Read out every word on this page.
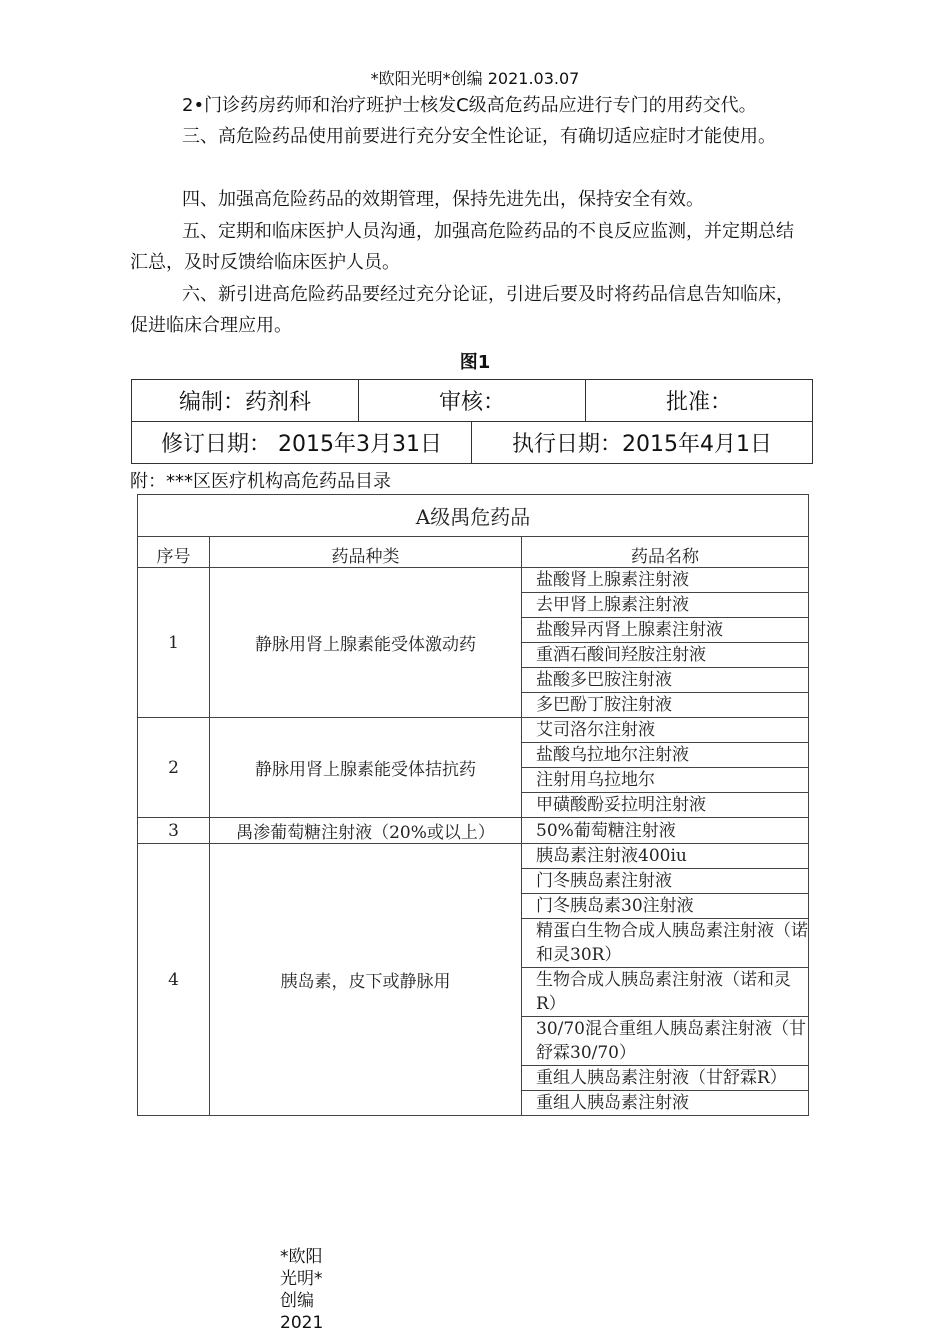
*欧阳光明*创编 2021.03.07
2•门诊药房药师和治疗班护士核发C级高危药品应进行专门的用药交代。
三、高危险药品使用前要进行充分安全性论证，有确切适应症时才能使用。
四、加强高危险药品的效期管理，保持先进先出，保持安全有效。
五、定期和临床医护人员沟通，加强高危险药品的不良反应监测，并定期总结汇总，及时反馈给临床医护人员。
六、新引进高危险药品要经过充分论证，引进后要及时将药品信息告知临床，促进临床合理应用。
图1
编制：药剂科	审核：	批准：
修订日期： 2015年3月31日	执行日期：2015年4月1日
附：***区医疗机构高危药品目录
A级禺危药品		
序号	药品种类	药品名称
1	静脉用肾上腺素能受体激动药	盐酸肾上腺素注射液
		去甲肾上腺素注射液
		盐酸异丙肾上腺素注射液
		重酒石酸间羟胺注射液
		盐酸多巴胺注射液
		多巴酚丁胺注射液
2	静脉用肾上腺素能受体拮抗药	艾司洛尔注射液
		盐酸乌拉地尔注射液
		注射用乌拉地尔
		甲磺酸酚妥拉明注射液
3	禺渗葡萄糖注射液（20%或以上）	50%葡萄糖注射液
4	胰岛素，皮下或静脉用	胰岛素注射液400iu
		门冬胰岛素注射液
		门冬胰岛素30注射液
		精蛋白生物合成人胰岛素注射液（诺和灵30R）
		生物合成人胰岛素注射液（诺和灵R）
		30/70混合重组人胰岛素注射液（甘舒霖30/70）
		重组人胰岛素注射液（甘舒霖R）
		重组人胰岛素注射液
*欧阳光明*创编2021
